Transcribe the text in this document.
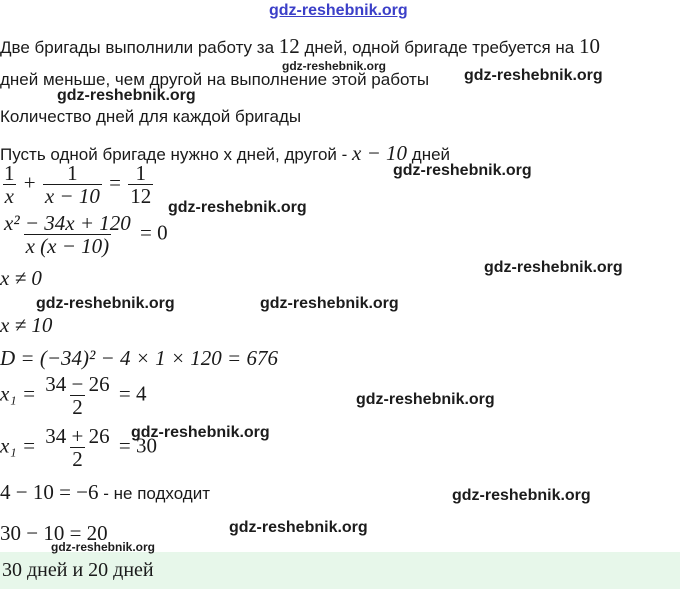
gdz-reshebnik.org
Две бригады выполнили работу за 12 дней, одной бригаде требуется на 10
дней меньше, чем другой на выполнение этой работы
Количество дней для каждой бригады
Пусть одной бригаде нужно х дней, другой - x − 10 дней
$\frac{1}{x} + \frac{1}{x - 10} = \frac{1}{12}$
$\frac{\text{x² − 34x + 120}}{x (x - 10)} = 0$
x ≠ 0
x ≠ 10
D = (−34)² − 4 × 1 × 120 = 676
$x_1 = \frac{34 - 26}{2} = 4$
$x_1 = \frac{34 + 26}{2} = 30$
4 − 10 = −6 - не подходит
30 − 10 = 20
30 дней и 20 дней
gdz-reshebnik.org
gdz-reshebnik.org
gdz-reshebnik.org
gdz-reshebnik.org
gdz-reshebnik.org
gdz-reshebnik.org
gdz-reshebnik.org	gdz-reshebnik.org
gdz-reshebnik.org
gdz-reshebnik.org
gdz-reshebnik.org
gdz-reshebnik.org
gdz-reshebnik.org
